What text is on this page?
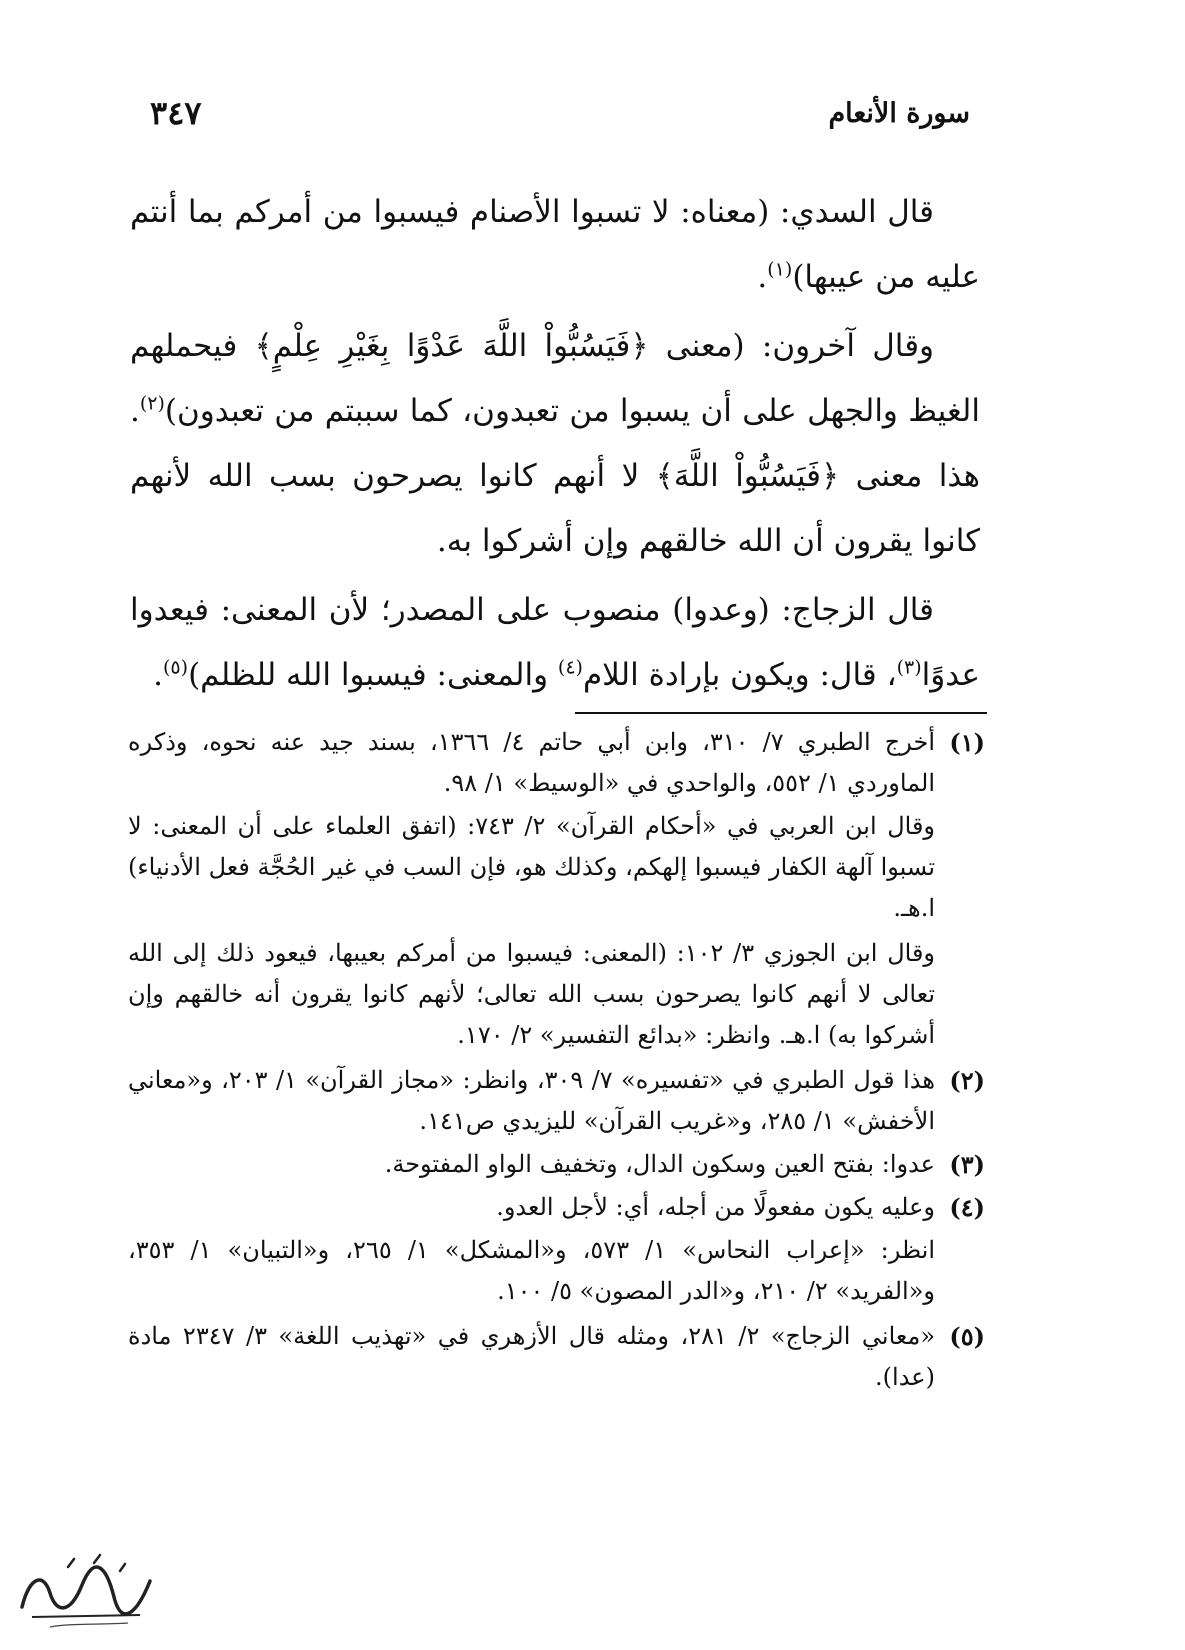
سورة الأنعام
٣٤٧

قال السدي: (معناه: لا تسبوا الأصنام فيسبوا من أمركم بما أنتم عليه من عيبها)$^{(١)}$.

وقال آخرون: (معنى ﴿فَيَسُبُّواْ اللَّهَ عَدْوًا بِغَيْرِ عِلْمٍ﴾ فيحملهم الغيظ والجهل على أن يسبوا من تعبدون، كما سببتم من تعبدون)$^{(٢)}$. هذا معنى ﴿فَيَسُبُّواْ اللَّهَ﴾ لا أنهم كانوا يصرحون بسب الله لأنهم كانوا يقرون أن الله خالقهم وإن أشركوا به.

قال الزجاج: (وعدوا) منصوب على المصدر؛ لأن المعنى: فيعدوا عدوًا$^{(٣)}$، قال: ويكون بإرادة اللام$^{(٤)}$ والمعنى: فيسبوا الله للظلم)$^{(٥)}$.

(١)
أخرج الطبري ٧/ ٣١٠، وابن أبي حاتم ٤/ ١٣٦٦، بسند جيد عنه نحوه، وذكره الماوردي ١/ ٥٥٢، والواحدي في «الوسيط» ١/ ٩٨.
وقال ابن العربي في «أحكام القرآن» ٢/ ٧٤٣: (اتفق العلماء على أن المعنى: لا تسبوا آلهة الكفار فيسبوا إلهكم، وكذلك هو، فإن السب في غير الحُجَّة فعل الأدنياء) ا.هـ.
وقال ابن الجوزي ٣/ ١٠٢: (المعنى: فيسبوا من أمركم بعيبها، فيعود ذلك إلى الله تعالى لا أنهم كانوا يصرحون بسب الله تعالى؛ لأنهم كانوا يقرون أنه خالقهم وإن أشركوا به) ا.هـ. وانظر: «بدائع التفسير» ٢/ ١٧٠.
(٢)
هذا قول الطبري في «تفسيره» ٧/ ٣٠٩، وانظر: «مجاز القرآن» ١/ ٢٠٣، و«معاني الأخفش» ١/ ٢٨٥، و«غريب القرآن» لليزيدي ص١٤١.
(٣)
عدوا: بفتح العين وسكون الدال، وتخفيف الواو المفتوحة.
(٤)
وعليه يكون مفعولًا من أجله، أي: لأجل العدو.
انظر: «إعراب النحاس» ١/ ٥٧٣، و«المشكل» ١/ ٢٦٥، و«التبيان» ١/ ٣٥٣، و«الفريد» ٢/ ٢١٠، و«الدر المصون» ٥/ ١٠٠.
(٥)
«معاني الزجاج» ٢/ ٢٨١، ومثله قال الأزهري في «تهذيب اللغة» ٣/ ٢٣٤٧ مادة (عدا).
